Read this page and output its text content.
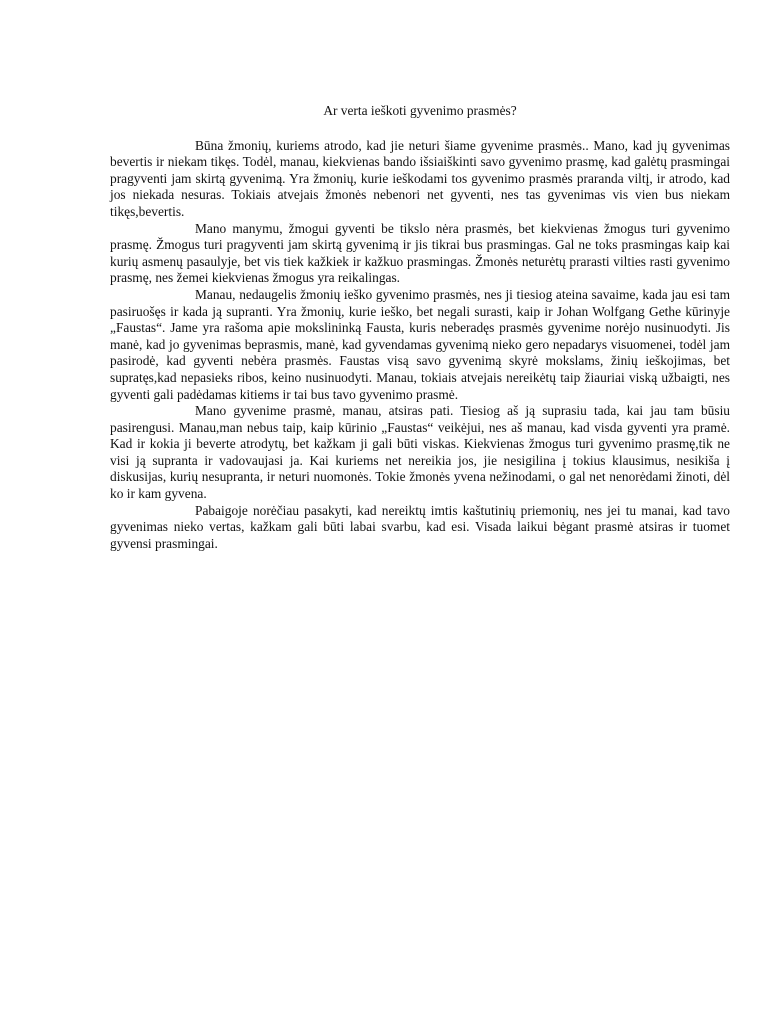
Ar verta ieškoti gyvenimo prasmės?

Būna žmonių, kuriems atrodo, kad jie neturi šiame gyvenime prasmės.. Mano, kad jų gyvenimas bevertis ir niekam tikęs. Todėl, manau, kiekvienas bando išsiaiškinti savo gyvenimo prasmę, kad galėtų prasmingai pragyventi jam skirtą gyvenimą. Yra žmonių, kurie ieškodami tos gyvenimo prasmės praranda viltį, ir atrodo, kad jos niekada nesuras. Tokiais atvejais žmonės nebenori net gyventi, nes tas gyvenimas vis vien bus niekam tikęs,bevertis.

Mano manymu, žmogui gyventi be tikslo nėra prasmės, bet kiekvienas žmogus turi gyvenimo prasmę. Žmogus turi pragyventi jam skirtą gyvenimą ir jis tikrai bus prasmingas. Gal ne toks prasmingas kaip kai kurių asmenų pasaulyje, bet vis tiek kažkiek ir kažkuo prasmingas. Žmonės neturėtų prarasti vilties rasti gyvenimo prasmę, nes žemei kiekvienas žmogus yra reikalingas.

Manau, nedaugelis žmonių ieško gyvenimo prasmės, nes ji tiesiog ateina savaime, kada jau esi tam pasiruošęs ir kada ją supranti. Yra žmonių, kurie ieško, bet negali surasti, kaip ir Johan Wolfgang Gethe kūrinyje „Faustas“. Jame yra rašoma apie mokslininką Fausta, kuris neberadęs prasmės gyvenime norėjo nusinuodyti. Jis manė, kad jo gyvenimas beprasmis, manė, kad gyvendamas gyvenimą nieko gero nepadarys visuomenei, todėl jam pasirodė, kad gyventi nebėra prasmės. Faustas visą savo gyvenimą skyrė mokslams, žinių ieškojimas, bet supratęs,kad nepasieks ribos, keino nusinuodyti. Manau, tokiais atvejais nereikėtų taip žiauriai viską užbaigti, nes gyventi gali padėdamas kitiems ir tai bus tavo gyvenimo prasmė.

Mano gyvenime prasmė, manau, atsiras pati. Tiesiog aš ją suprasiu tada, kai jau tam būsiu pasirengusi. Manau,man nebus taip, kaip kūrinio „Faustas“ veikėjui, nes aš manau, kad visda gyventi yra pramė. Kad ir kokia ji beverte atrodytų, bet kažkam ji gali būti viskas. Kiekvienas žmogus turi gyvenimo prasmę,tik ne visi ją supranta ir vadovaujasi ja. Kai kuriems net nereikia jos, jie nesigilina į tokius klausimus, nesikiša į diskusijas, kurių nesupranta, ir neturi nuomonės. Tokie žmonės yvena nežinodami, o gal net nenorėdami žinoti, dėl ko ir kam gyvena.

Pabaigoje norėčiau pasakyti, kad nereiktų imtis kaštutinių priemonių, nes jei tu manai, kad tavo gyvenimas nieko vertas, kažkam gali būti labai svarbu, kad esi. Visada laikui bėgant prasmė atsiras ir tuomet gyvensi prasmingai.
